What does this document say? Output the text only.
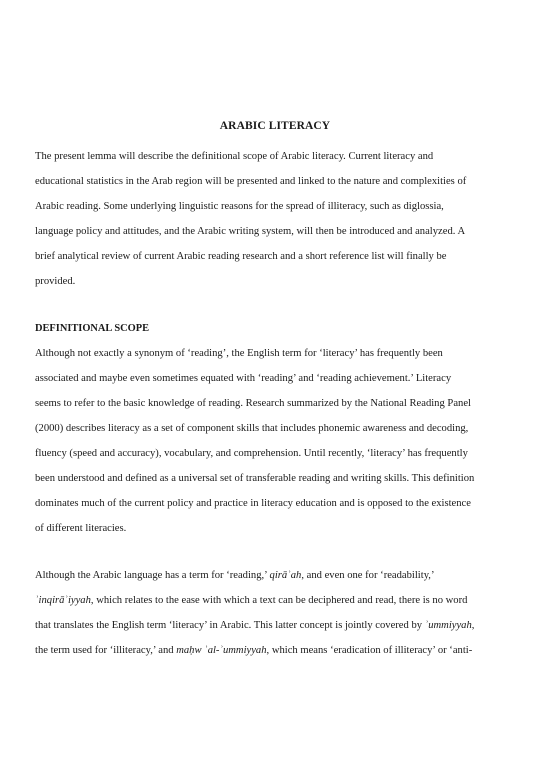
ARABIC LITERACY
The present lemma will describe the definitional scope of Arabic literacy. Current literacy and
educational statistics in the Arab region will be presented and linked to the nature and complexities of
Arabic reading. Some underlying linguistic reasons for the spread of illiteracy, such as diglossia,
language policy and attitudes, and the Arabic writing system, will then be introduced and analyzed. A
brief analytical review of current Arabic reading research and a short reference list will finally be
provided.
DEFINITIONAL SCOPE
Although not exactly a synonym of ‘reading’, the English term for ‘literacy’ has frequently been
associated and maybe even sometimes equated with ‘reading’ and ‘reading achievement.’ Literacy
seems to refer to the basic knowledge of reading. Research summarized by the National Reading Panel
(2000) describes literacy as a set of component skills that includes phonemic awareness and decoding,
fluency (speed and accuracy), vocabulary, and comprehension. Until recently, ‘literacy’ has frequently
been understood and defined as a universal set of transferable reading and writing skills. This definition
dominates much of the current policy and practice in literacy education and is opposed to the existence
of different literacies.
Although the Arabic language has a term for ‘reading,’ qirāʾah, and even one for ‘readability,’
ʾinqirāʾiyyah, which relates to the ease with which a text can be deciphered and read, there is no word
that translates the English term ‘literacy’ in Arabic. This latter concept is jointly covered by ʾummiyyah,
the term used for ‘illiteracy,’ and maḥw ʾal-ʾummiyyah, which means ‘eradication of illiteracy’ or ‘anti-
